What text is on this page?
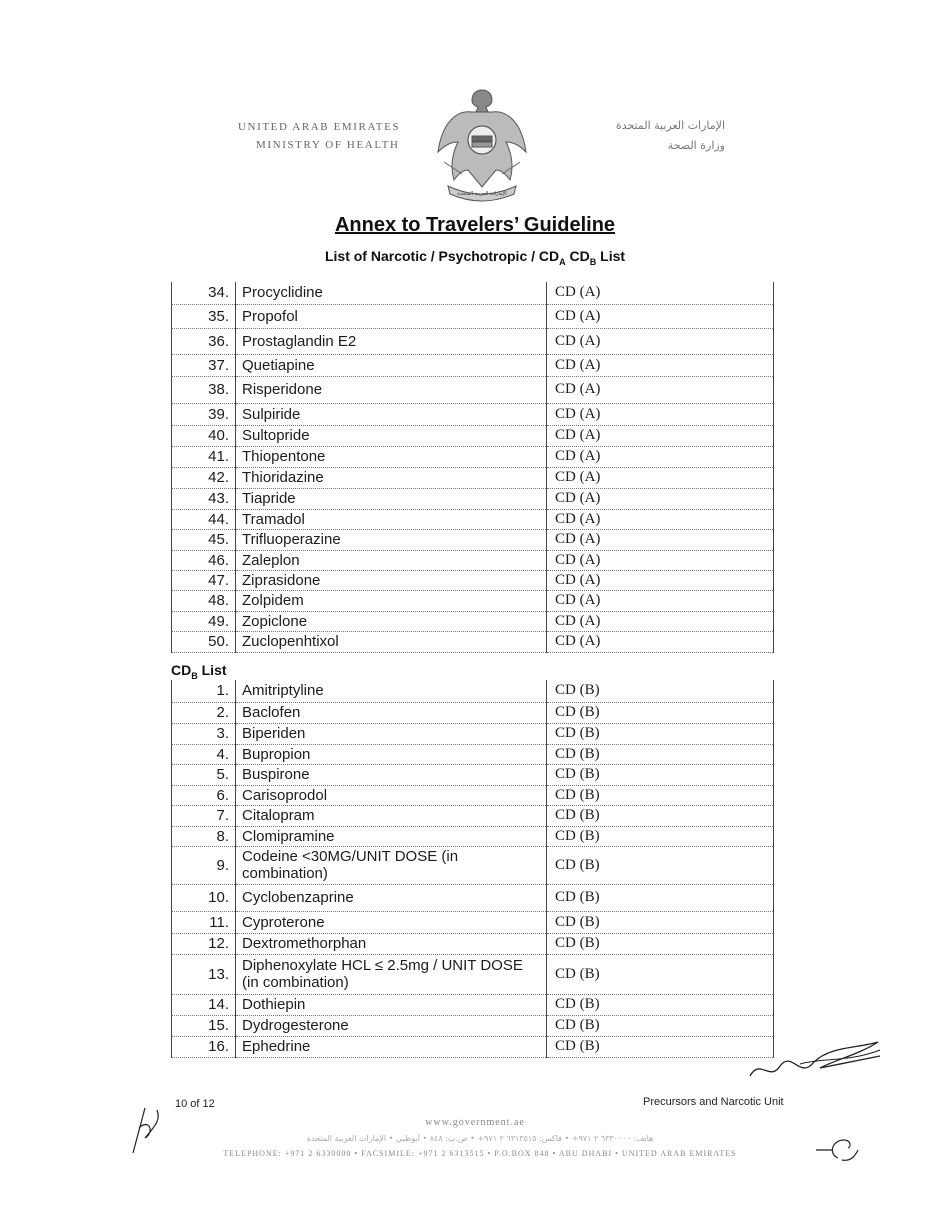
UNITED ARAB EMIRATES
MINISTRY OF HEALTH
الإمارات العربية المتحدة
الإمارات العربية المتحدة
وزارة الصحة
Annex to Travelers’ Guideline
List of Narcotic / Psychotropic / $CD_A$ $CD_B$ List
34.	Procyclidine	CD (A)
35.	Propofol	CD (A)
36.	Prostaglandin E2	CD (A)
37.	Quetiapine	CD (A)
38.	Risperidone	CD (A)
39.	Sulpiride	CD (A)
40.	Sultopride	CD (A)
41.	Thiopentone	CD (A)
42.	Thioridazine	CD (A)
43.	Tiapride	CD (A)
44.	Tramadol	CD (A)
45.	Trifluoperazine	CD (A)
46.	Zaleplon	CD (A)
47.	Ziprasidone	CD (A)
48.	Zolpidem	CD (A)
49.	Zopiclone	CD (A)
50.	Zuclopenhtixol	CD (A)
$CD_B$ List
1.	Amitriptyline	CD (B)
2.	Baclofen	CD (B)
3.	Biperiden	CD (B)
4.	Bupropion	CD (B)
5.	Buspirone	CD (B)
6.	Carisoprodol	CD (B)
7.	Citalopram	CD (B)
8.	Clomipramine	CD (B)
9.	Codeine <30MG/UNIT DOSE (in combination)	CD (B)
10.	Cyclobenzaprine	CD (B)
11.	Cyproterone	CD (B)
12.	Dextromethorphan	CD (B)
13.	Diphenoxylate HCL ≤ 2.5mg / UNIT DOSE (in combination)	CD (B)
14.	Dothiepin	CD (B)
15.	Dydrogesterone	CD (B)
16.	Ephedrine	CD (B)
10 of 12	Precursors and Narcotic Unit
www.government.ae
هاتف: ٦٣٣٠٠٠٠ ٢ ٩٧١+ • فاكس: ٦٣١٣٥١٥ ٢ ٩٧١+ • ص.ب: ٨٤٨ • أبوظبي • الإمارات العربية المتحدة
TELEPHONE: +971 2 6330000 • FACSIMILE: +971 2 6313515 • P.O.BOX 848 • ABU DHABI • UNITED ARAB EMIRATES
